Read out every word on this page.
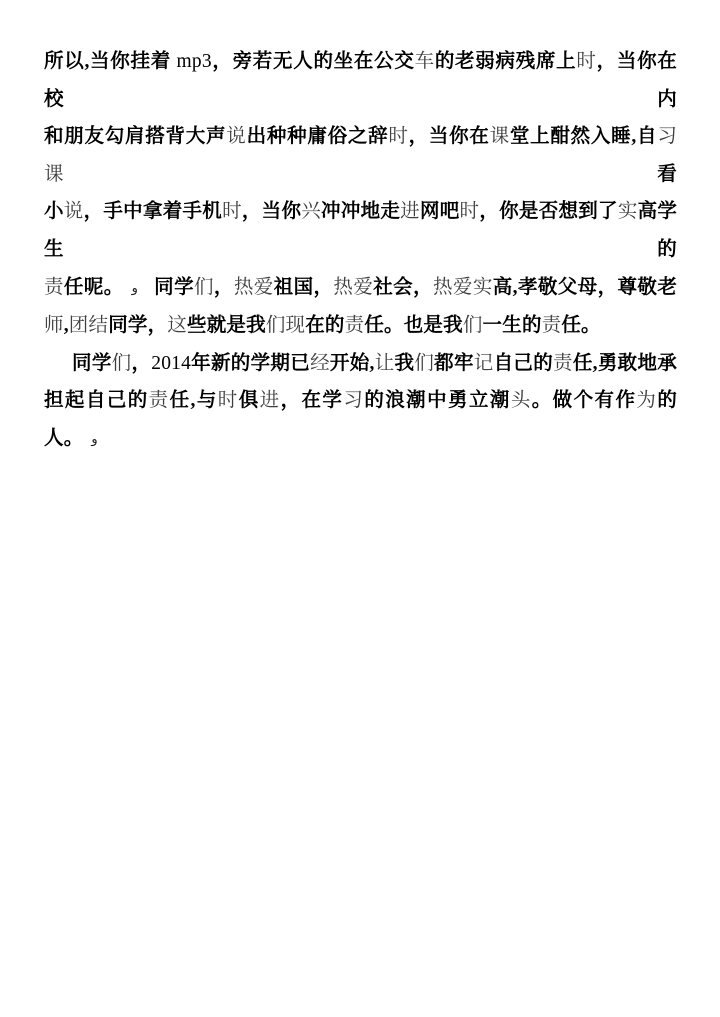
所以,当你挂着 mp3，旁若无人的坐在公交车的老弱病残席上时，当你在校内
和朋友勾肩搭背大声说出种种庸俗之辞时，当你在课堂上酣然入睡,自习课看
小说，手中拿着手机时，当你兴冲冲地走进网吧时，你是否想到了实高学生的
责任呢。 و 同学们，热爱祖国，热爱社会，热爱实高,孝敬父母，尊敬老
师,团结同学，这些就是我们现在的责任。也是我们一生的责任。
同学们，2014年新的学期已经开始,让我们都牢记自己的责任,勇敢地承
担起自己的责任,与时俱进，在学习的浪潮中勇立潮头。做个有作为的人。 و
